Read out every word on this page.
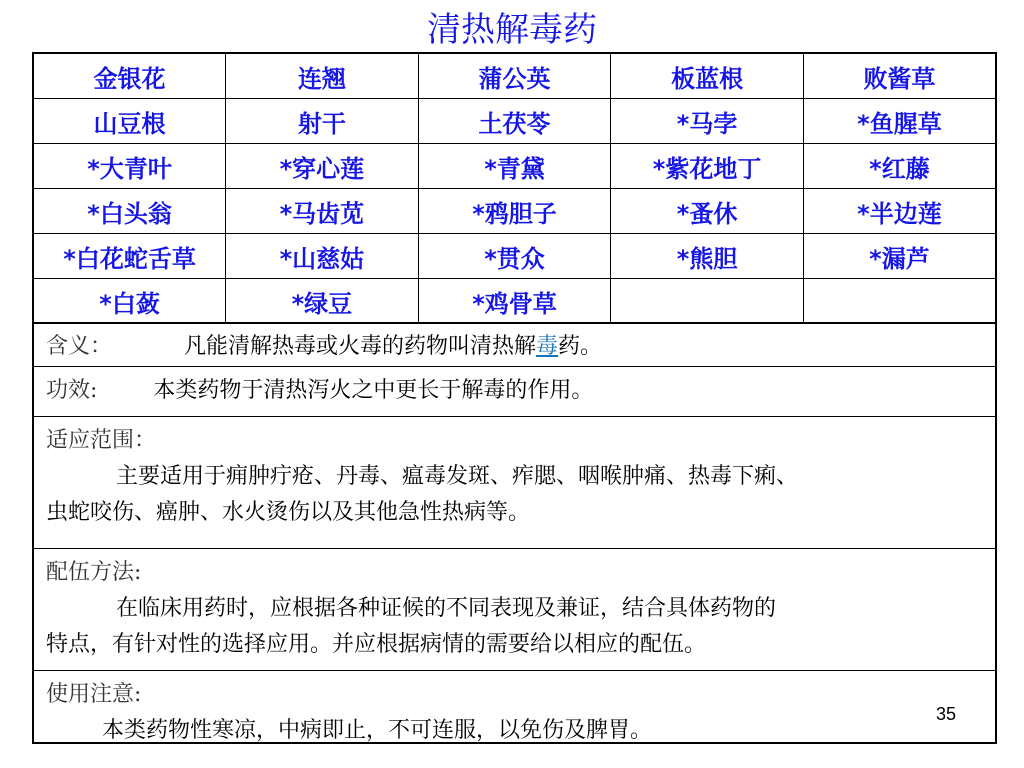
清热解毒药
金银花	连翘	蒲公英	板蓝根	败酱草
山豆根	射干	土茯苓	*马孛	*鱼腥草
*大青叶	*穿心莲	*青黛	*紫花地丁	*红藤
*白头翁	*马齿苋	*鸦胆子	*蚤休	*半边莲
*白花蛇舌草	*山慈姑	*贯众	*熊胆	*漏芦
*白蔹	*绿豆	*鸡骨草		
含义：	凡能清解热毒或火毒的药物叫清热解毒药。
功效:	本类药物于清热泻火之中更长于解毒的作用。
适应范围：
主要适用于痈肿疔疮、丹毒、瘟毒发斑、痄腮、咽喉肿痛、热毒下痢、
虫蛇咬伤、癌肿、水火烫伤以及其他急性热病等。
配伍方法:
在临床用药时，应根据各种证候的不同表现及兼证，结合具体药物的
特点，有针对性的选择应用。并应根据病情的需要给以相应的配伍。
使用注意:
本类药物性寒凉，中病即止，不可连服，以免伤及脾胃。
35
